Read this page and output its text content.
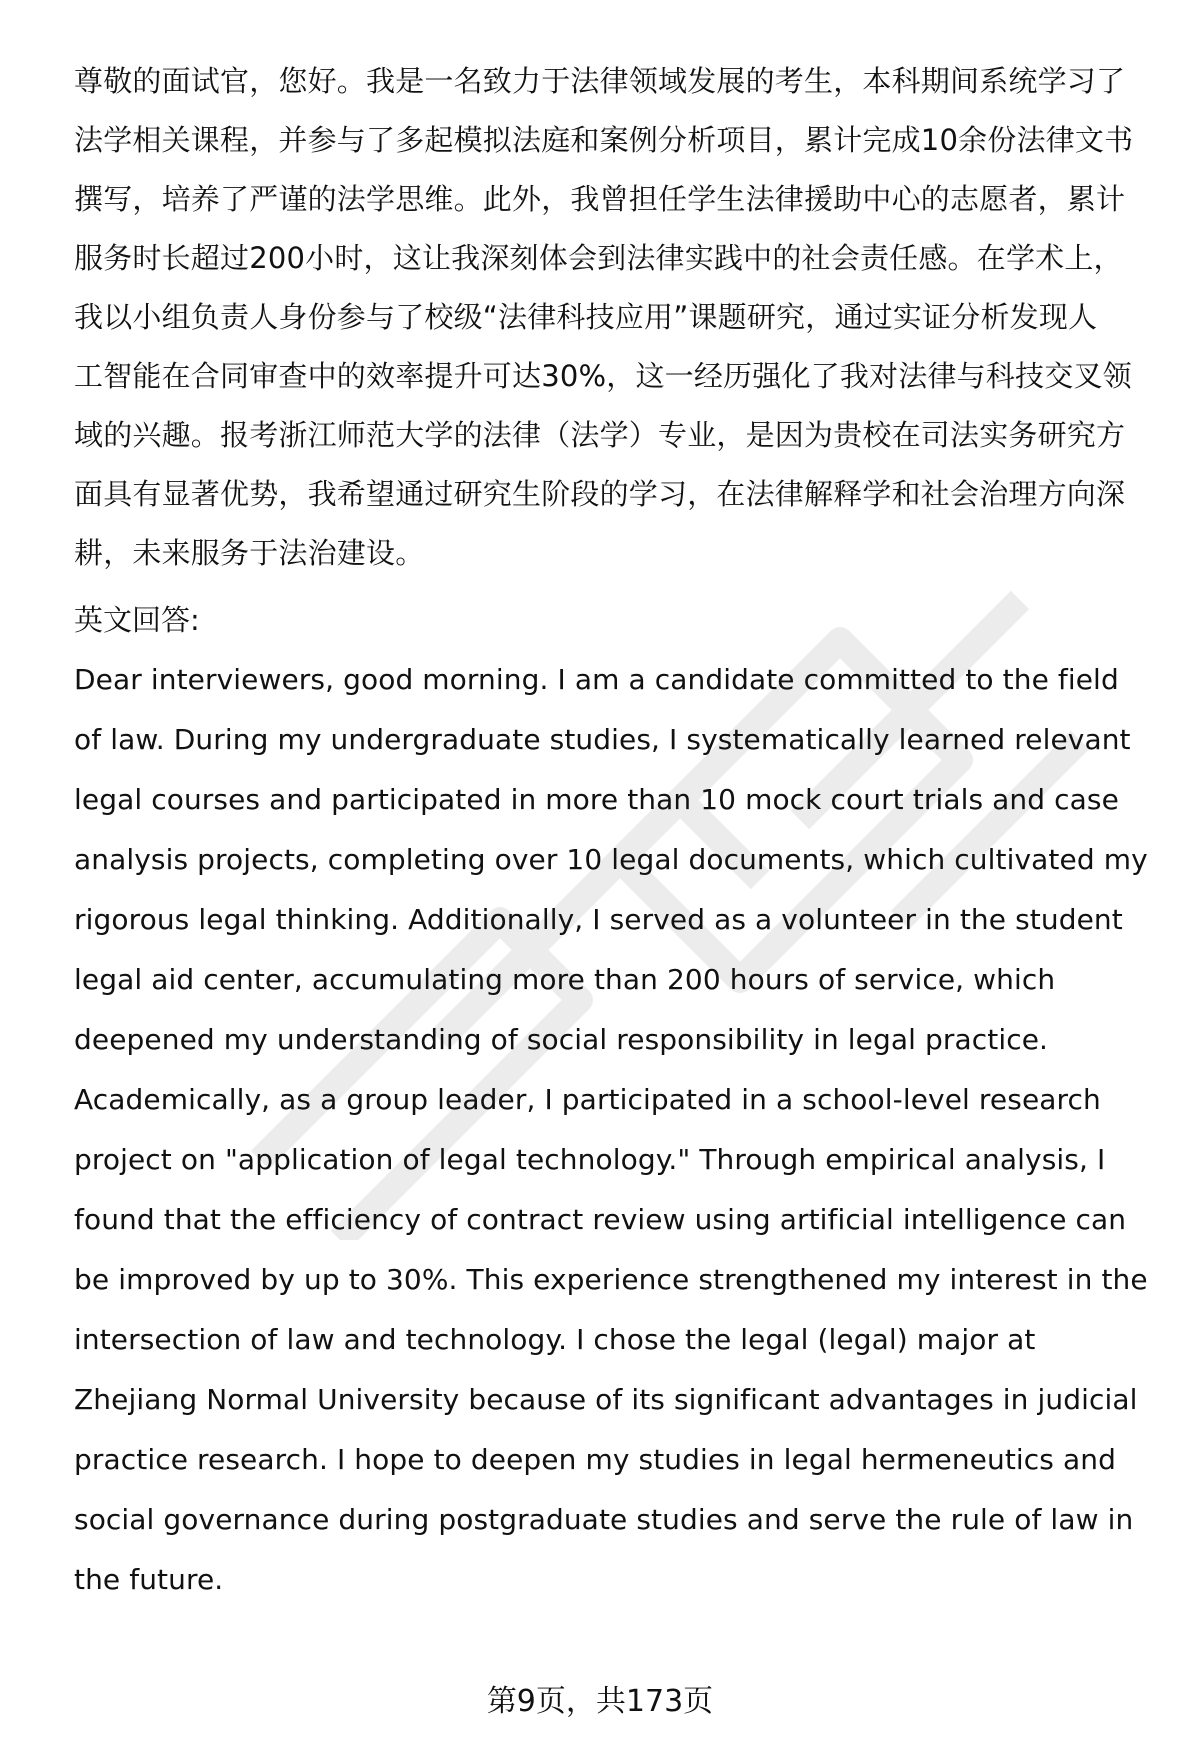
尊敬的面试官，您好。我是一名致力于法律领域发展的考生，本科期间系统学习了
法学相关课程，并参与了多起模拟法庭和案例分析项目，累计完成10余份法律文书
撰写，培养了严谨的法学思维。此外，我曾担任学生法律援助中心的志愿者，累计
服务时长超过200小时，这让我深刻体会到法律实践中的社会责任感。在学术上，
我以小组负责人身份参与了校级“法律科技应用”课题研究，通过实证分析发现人
工智能在合同审查中的效率提升可达30%，这一经历强化了我对法律与科技交叉领
域的兴趣。报考浙江师范大学的法律（法学）专业，是因为贵校在司法实务研究方
面具有显著优势，我希望通过研究生阶段的学习，在法律解释学和社会治理方向深
耕，未来服务于法治建设。
英文回答:
Dear interviewers, good morning. I am a candidate committed to the field
of law. During my undergraduate studies, I systematically learned relevant
legal courses and participated in more than 10 mock court trials and case
analysis projects, completing over 10 legal documents, which cultivated my
rigorous legal thinking. Additionally, I served as a volunteer in the student
legal aid center, accumulating more than 200 hours of service, which
deepened my understanding of social responsibility in legal practice.
Academically, as a group leader, I participated in a school-level research
project on "application of legal technology." Through empirical analysis, I
found that the efficiency of contract review using artificial intelligence can
be improved by up to 30%. This experience strengthened my interest in the
intersection of law and technology. I chose the legal (legal) major at
Zhejiang Normal University because of its significant advantages in judicial
practice research. I hope to deepen my studies in legal hermeneutics and
social governance during postgraduate studies and serve the rule of law in
the future.
第9页，共173页
